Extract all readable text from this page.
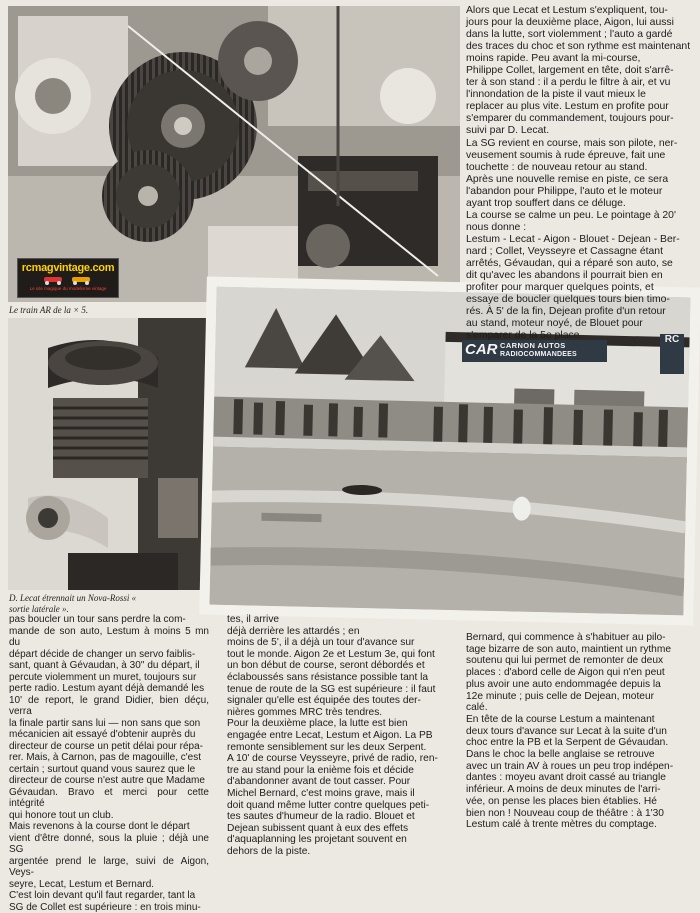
rcmagvintage.com
Le site magique du modelisme vintage
Le train AR de la × 5.
D. Lecat étrennait un Nova-Rossi « sortie latérale ».
CAR CARNON AUTOS
RADIOCOMMANDEES
RC
Alors que Lecat et Lestum s'expliquent, tou-
jours pour la deuxième place, Aigon, lui aussi
dans la lutte, sort violemment ; l'auto a gardé
des traces du choc et son rythme est maintenant
moins rapide. Peu avant la mi-course,
Philippe Collet, largement en tête, doit s'arrê-
ter à son stand : il a perdu le filtre à air, et vu
l'innondation de la piste il vaut mieux le
replacer au plus vite. Lestum en profite pour
s'emparer du commandement, toujours pour-
suivi par D. Lecat.
La SG revient en course, mais son pilote, ner-
veusement soumis à rude épreuve, fait une
touchette : de nouveau retour au stand.
Après une nouvelle remise en piste, ce sera
l'abandon pour Philippe, l'auto et le moteur
ayant trop souffert dans ce déluge.
La course se calme un peu. Le pointage à 20'
nous donne :
Lestum - Lecat - Aigon - Blouet - Dejean - Ber-
nard ; Collet, Veysseyre et Cassagne étant
arrêtés, Gévaudan, qui a réparé son auto, se
dit qu'avec les abandons il pourrait bien en
profiter pour marquer quelques points, et
essaye de boucler quelques tours bien timo-
rés. À 5' de la fin, Dejean profite d'un retour
au stand, moteur noyé, de Blouet pour
s'emparer de la 5e place.
pas boucler un tour sans perdre la com-
mande de son auto, Lestum à moins 5 mn du
départ décide de changer un servo faiblis-
sant, quant à Gévaudan, à 30'' du départ, il
percute violemment un muret, toujours sur
perte radio. Lestum ayant déjà demandé les
10' de report, le grand Didier, bien déçu, verra
la finale partir sans lui — non sans que son
mécanicien ait essayé d'obtenir auprès du
directeur de course un petit délai pour répa-
rer. Mais, à Carnon, pas de magouille, c'est
certain ; surtout quand vous saurez que le
directeur de course n'est autre que Madame
Gévaudan. Bravo et merci pour cette intégrité
qui honore tout un club.
Mais revenons à la course dont le départ
vient d'être donné, sous la pluie ; déjà une SG
argentée prend le large, suivi de Aigon, Veys-
seyre, Lecat, Lestum et Bernard.
C'est loin devant qu'il faut regarder, tant la
SG de Collet est supérieure : en trois minu-
tes, il arrive
déjà derrière les attardés ; en
moins de 5', il a déjà un tour d'avance sur
tout le monde. Aigon 2e et Lestum 3e, qui font
un bon début de course, seront débordés et
éclaboussés sans résistance possible tant la
tenue de route de la SG est supérieure : il faut
signaler qu'elle est équipée des toutes der-
nières gommes MRC très tendres.
Pour la deuxième place, la lutte est bien
engagée entre Lecat, Lestum et Aigon. La PB
remonte sensiblement sur les deux Serpent.
A 10' de course Veysseyre, privé de radio, ren-
tre au stand pour la enième fois et décide
d'abandonner avant de tout casser. Pour
Michel Bernard, c'est moins grave, mais il
doit quand même lutter contre quelques peti-
tes sautes d'humeur de la radio. Blouet et
Dejean subissent quant à eux des effets
d'aquaplanning les projetant souvent en
dehors de la piste.
Bernard, qui commence à s'habituer au pilo-
tage bizarre de son auto, maintient un rythme
soutenu qui lui permet de remonter de deux
places : d'abord celle de Aigon qui n'en peut
plus avoir une auto endommagée depuis la
12e minute ; puis celle de Dejean, moteur
calé.
En tête de la course Lestum a maintenant
deux tours d'avance sur Lecat à la suite d'un
choc entre la PB et la Serpent de Gévaudan.
Dans le choc la belle anglaise se retrouve
avec un train AV à roues un peu trop indépen-
dantes : moyeu avant droit cassé au triangle
inférieur. A moins de deux minutes de l'arri-
vée, on pense les places bien établies. Hé
bien non ! Nouveau coup de théâtre : à 1'30
Lestum calé à trente mètres du comptage.
